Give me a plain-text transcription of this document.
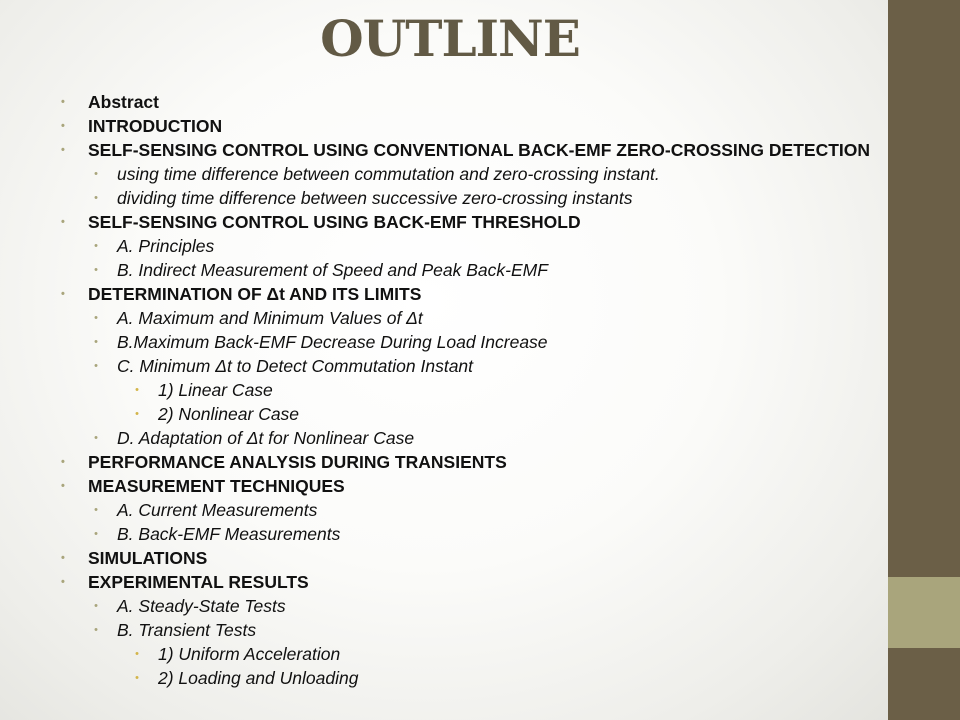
OUTLINE
• Abstract
• INTRODUCTION
• SELF-SENSING CONTROL USING CONVENTIONAL BACK-EMF ZERO-CROSSING DETECTION
• using time difference between commutation and zero-crossing instant.
• dividing time difference between successive zero-crossing instants
• SELF-SENSING CONTROL USING BACK-EMF THRESHOLD
• A. Principles
• B. Indirect Measurement of Speed and Peak Back-EMF
• DETERMINATION OF Δt AND ITS LIMITS
• A. Maximum and Minimum Values of Δt
• B.Maximum Back-EMF Decrease During Load Increase
• C. Minimum Δt to Detect Commutation Instant
• 1) Linear Case
• 2) Nonlinear Case
• D. Adaptation of Δt for Nonlinear Case
• PERFORMANCE ANALYSIS DURING TRANSIENTS
• MEASUREMENT TECHNIQUES
• A. Current Measurements
• B. Back-EMF Measurements
• SIMULATIONS
• EXPERIMENTAL RESULTS
• A. Steady-State Tests
• B. Transient Tests
• 1) Uniform Acceleration
• 2) Loading and Unloading
